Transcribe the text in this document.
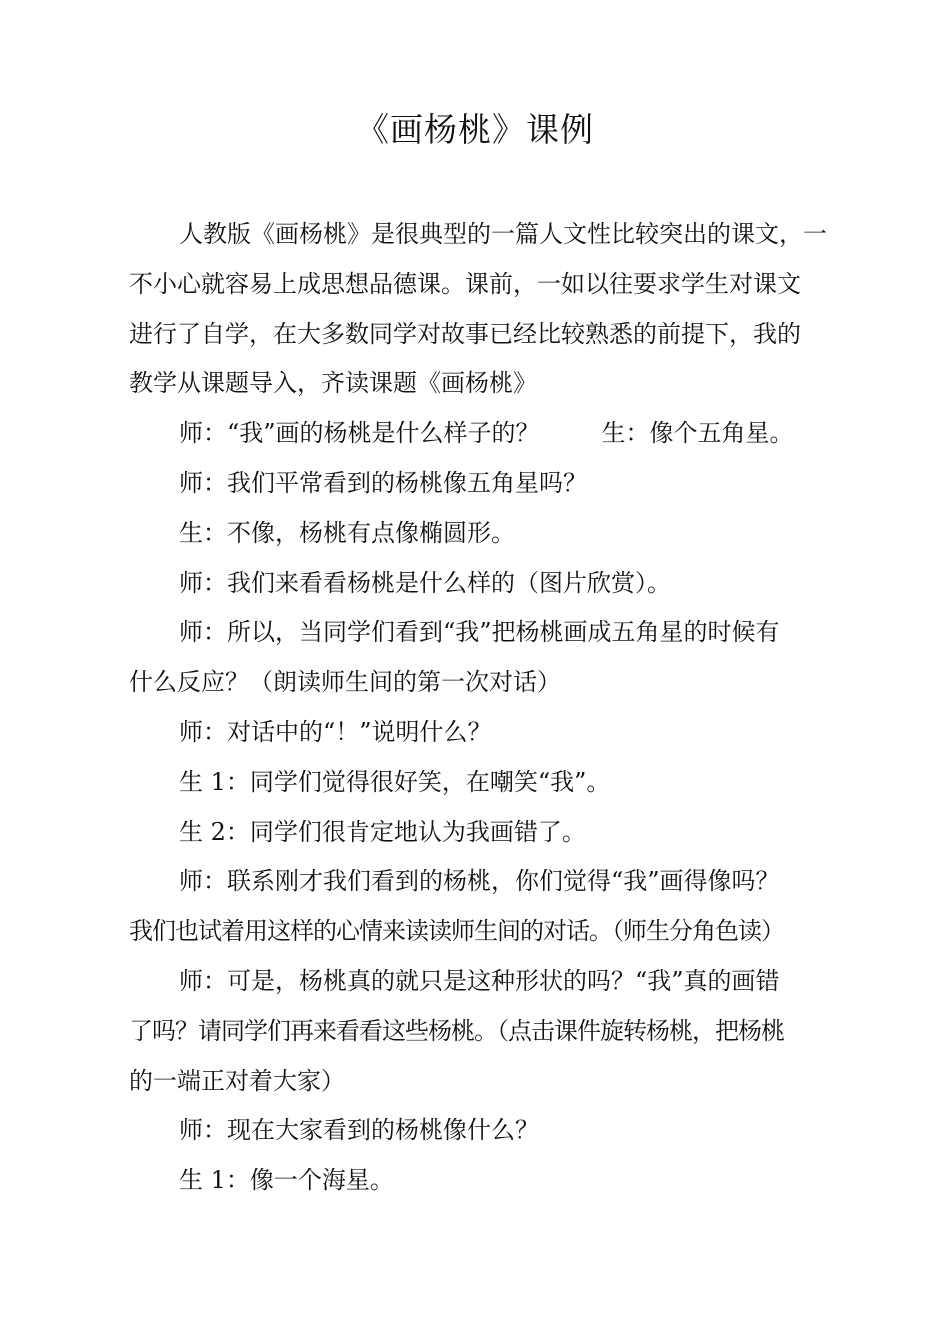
《画杨桃》课例

人教版《画杨桃》是很典型的一篇人文性比较突出的课文，一

不小心就容易上成思想品德课。课前，一如以往要求学生对课文

进行了自学，在大多数同学对故事已经比较熟悉的前提下，我的

教学从课题导入，齐读课题《画杨桃》

师：“我”画的杨桃是什么样子的？	生：像个五角星。

师：我们平常看到的杨桃像五角星吗？

生：不像，杨桃有点像椭圆形。

师：我们来看看杨桃是什么样的（图片欣赏）。

师：所以，当同学们看到“我”把杨桃画成五角星的时候有

什么反应？（朗读师生间的第一次对话）

师：对话中的“！”说明什么？

生 1：同学们觉得很好笑，在嘲笑“我”。

生 2：同学们很肯定地认为我画错了。

师：联系刚才我们看到的杨桃，你们觉得“我”画得像吗？

我们也试着用这样的心情来读读师生间的对话。（师生分角色读）

师：可是，杨桃真的就只是这种形状的吗？“我”真的画错

了吗？请同学们再来看看这些杨桃。（点击课件旋转杨桃，把杨桃

的一端正对着大家）

师：现在大家看到的杨桃像什么？

生 1：像一个海星。
